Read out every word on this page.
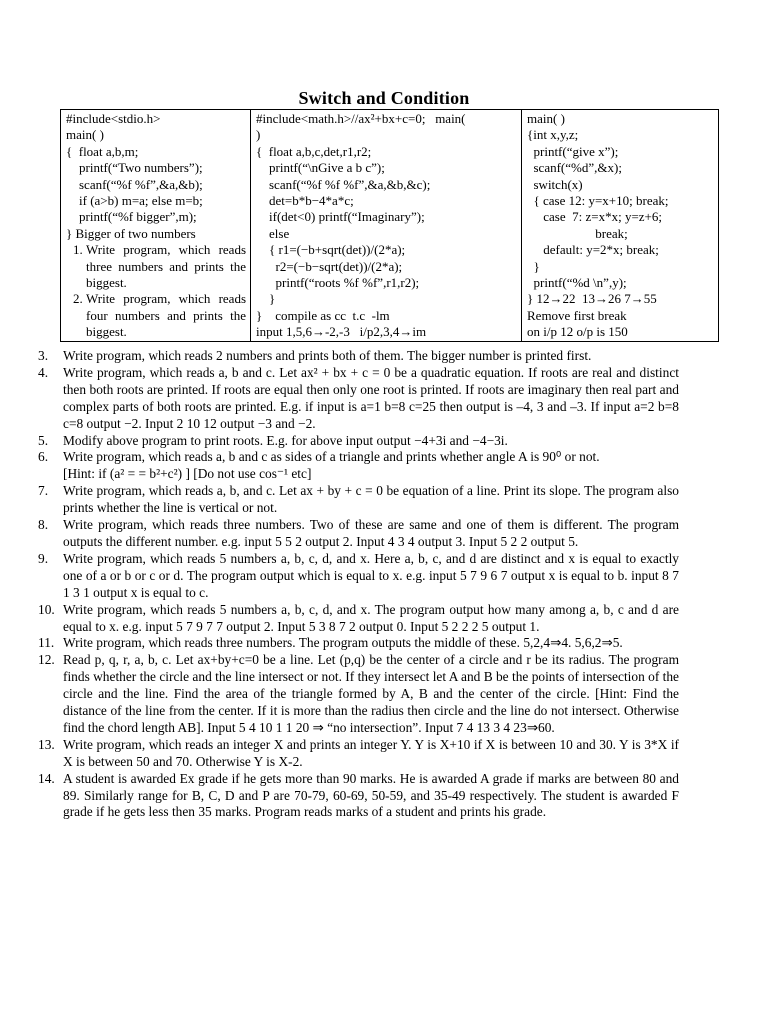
Switch and Condition
#include<stdio.h>
main( )
{  float a,b,m;
printf(“Two numbers”);
scanf(“%f %f”,&a,&b);
if (a>b) m=a; else m=b;
printf(“%f bigger”,m);
} Bigger of two numbers
1. Write program, which reads three numbers and prints the biggest.
2. Write program, which reads four numbers and prints the biggest.

#include<math.h>//ax²+bx+c=0;   main(
)
{  float a,b,c,det,r1,r2;
printf(“\nGive a b c”);
scanf(“%f %f %f”,&a,&b,&c);
det=b*b−4*a*c;
if(det<0) printf(“Imaginary”);
else
{ r1=(−b+sqrt(det))/(2*a);
r2=(−b−sqrt(det))/(2*a);
printf(“roots %f %f”,r1,r2);
}
}    compile as cc  t.c  -lm
input 1,5,6→-2,-3   i/p2,3,4→im

main( )
{int x,y,z;
printf(“give x”);
scanf(“%d”,&x);
switch(x)
{ case 12: y=x+10; break;
case  7: z=x*x; y=z+6;
break;
default: y=2*x; break;
}
printf(“%d \n”,y);
} 12→22  13→26 7→55
Remove first break
on i/p 12 o/p is 150
3.	Write program, which reads 2 numbers and prints both of them. The bigger number is printed first.
4.	Write program, which reads a, b and c. Let ax² + bx + c = 0 be a quadratic equation. If roots are real and distinct then both roots are printed. If roots are equal then only one root is printed. If roots are imaginary then real part and complex parts of both roots are printed. E.g. if input is a=1 b=8 c=25 then output is –4, 3 and –3. If input a=2 b=8 c=8 output −2. Input 2 10 12 output −3 and −2.
5.	Modify above program to print roots. E.g. for above input output −4+3i and −4−3i.
6.	Write program, which reads a, b and c as sides of a triangle and prints whether angle A is 90⁰ or not.
[Hint: if (a² = = b²+c²) ] [Do not use cos⁻¹ etc]
7.	Write program, which reads a, b, and c. Let ax + by + c = 0 be equation of a line. Print its slope. The program also prints whether the line is vertical or not.
8.	Write program, which reads three numbers. Two of these are same and one of them is different. The program outputs the different number. e.g. input 5 5 2 output 2. Input 4 3 4 output 3. Input 5 2 2 output 5.
9.	Write program, which reads 5 numbers a, b, c, d, and x. Here a, b, c, and d are distinct and x is equal to exactly one of a or b or c or d. The program output which is equal to x. e.g. input 5 7 9 6 7 output x is equal to b. input 8 7 1 3 1 output x is equal to c.
10. Write program, which reads 5 numbers a, b, c, d, and x. The program output how many among a, b, c and d are equal to x. e.g. input 5 7 9 7 7 output 2. Input 5 3 8 7 2 output 0. Input 5 2 2 2 5 output 1.
11. Write program, which reads three numbers. The program outputs the middle of these. 5,2,4⇒4. 5,6,2⇒5.
12. Read p, q, r, a, b, c. Let ax+by+c=0 be a line. Let (p,q) be the center of a circle and r be its radius. The program finds whether the circle and the line intersect or not. If they intersect let A and B be the points of intersection of the circle and the line. Find the area of the triangle formed by A, B and the center of the circle. [Hint: Find the distance of the line from the center. If it is more than the radius then circle and the line do not intersect. Otherwise find the chord length AB]. Input 5 4 10 1 1 20 ⇒ “no intersection”. Input 7 4 13 3 4 23⇒60.
13. Write program, which reads an integer X and prints an integer Y. Y is X+10 if X is between 10 and 30. Y is 3*X if X is between 50 and 70. Otherwise Y is X-2.
14. A student is awarded Ex grade if he gets more than 90 marks. He is awarded A grade if marks are between 80 and 89. Similarly range for B, C, D and P are 70-79, 60-69, 50-59, and 35-49 respectively. The student is awarded F grade if he gets less then 35 marks. Program reads marks of a student and prints his grade.
